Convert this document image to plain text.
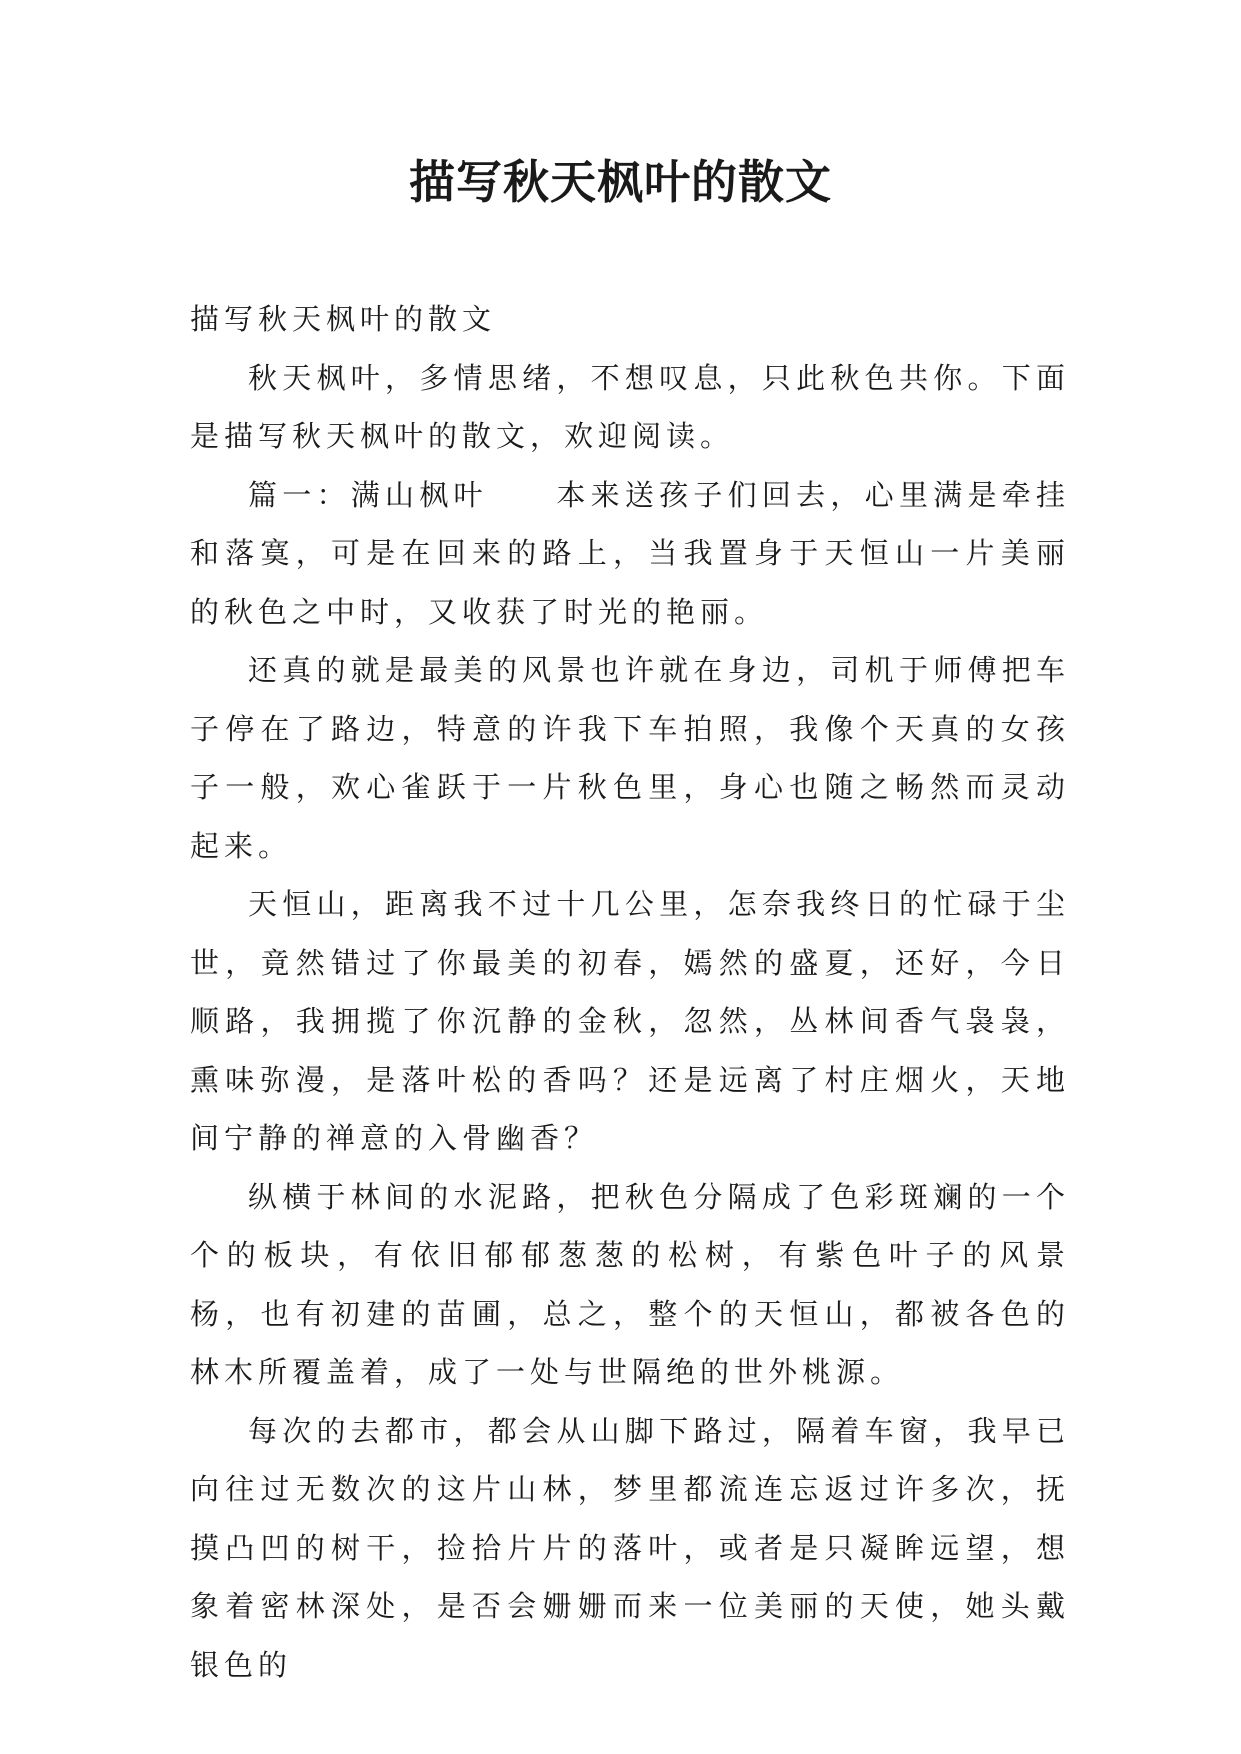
描写秋天枫叶的散文

描写秋天枫叶的散文

秋天枫叶，多情思绪，不想叹息，只此秋色共你。下面是描写秋天枫叶的散文，欢迎阅读。

篇一：满山枫叶　　本来送孩子们回去，心里满是牵挂和落寞，可是在回来的路上，当我置身于天恒山一片美丽的秋色之中时，又收获了时光的艳丽。

还真的就是最美的风景也许就在身边，司机于师傅把车子停在了路边，特意的许我下车拍照，我像个天真的女孩子一般，欢心雀跃于一片秋色里，身心也随之畅然而灵动起来。

天恒山，距离我不过十几公里，怎奈我终日的忙碌于尘世，竟然错过了你最美的初春，嫣然的盛夏，还好，今日顺路，我拥揽了你沉静的金秋，忽然，丛林间香气袅袅，熏味弥漫，是落叶松的香吗？还是远离了村庄烟火，天地间宁静的禅意的入骨幽香？

纵横于林间的水泥路，把秋色分隔成了色彩斑斓的一个个的板块，有依旧郁郁葱葱的松树，有紫色叶子的风景杨，也有初建的苗圃，总之，整个的天恒山，都被各色的林木所覆盖着，成了一处与世隔绝的世外桃源。

每次的去都市，都会从山脚下路过，隔着车窗，我早已向往过无数次的这片山林，梦里都流连忘返过许多次，抚摸凸凹的树干，捡拾片片的落叶，或者是只凝眸远望，想象着密林深处，是否会姗姗而来一位美丽的天使，她头戴银色的
